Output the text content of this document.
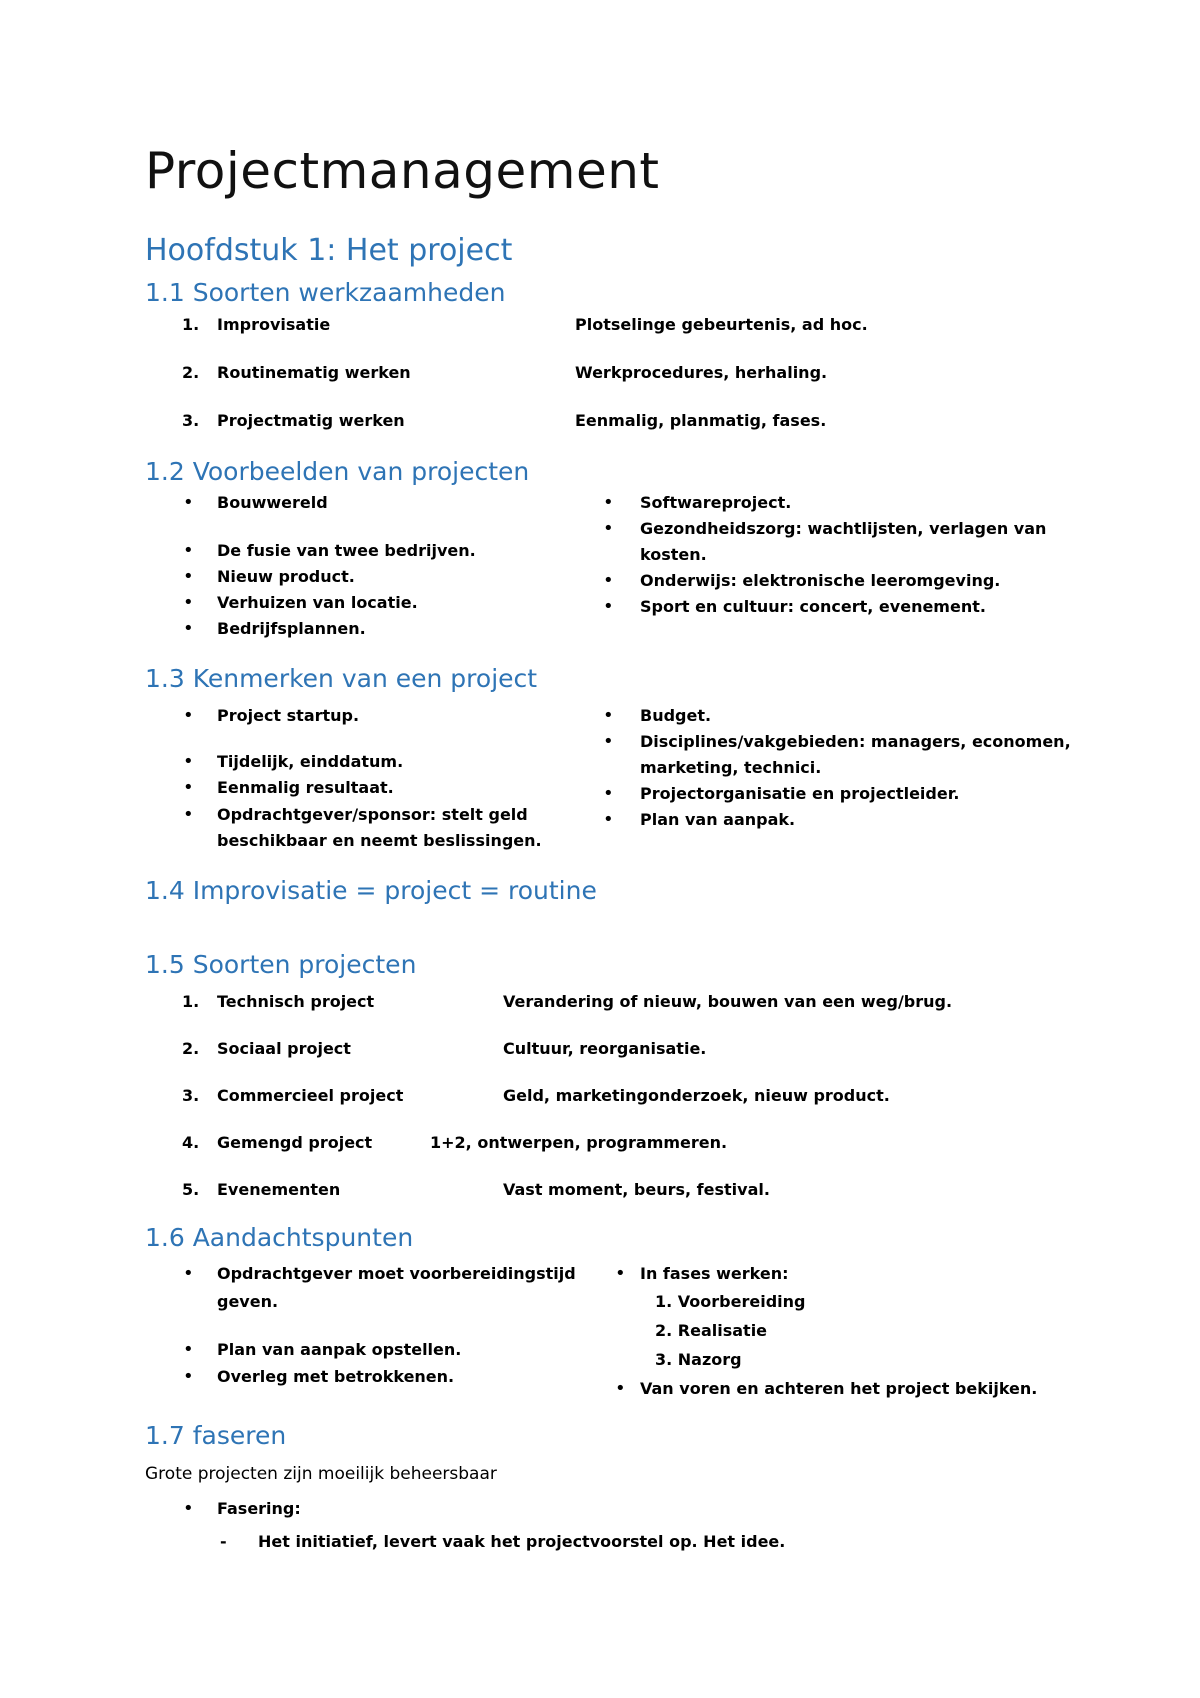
Projectmanagement
Hoofdstuk 1: Het project
1.1 Soorten werkzaamheden
1. Improvisatie	Plotselinge gebeurtenis, ad hoc.
2. Routinematig werken	Werkprocedures, herhaling.
3. Projectmatig werken	Eenmalig, planmatig, fases.
1.2 Voorbeelden van projecten
• Bouwwereld
• De fusie van twee bedrijven.
• Nieuw product.
• Verhuizen van locatie.
• Bedrijfsplannen.
• Softwareproject.
• Gezondheidszorg: wachtlijsten, verlagen van
kosten.
• Onderwijs: elektronische leeromgeving.
• Sport en cultuur: concert, evenement.
1.3 Kenmerken van een project
• Project startup.
• Tijdelijk, einddatum.
• Eenmalig resultaat.
• Opdrachtgever/sponsor: stelt geld
beschikbaar en neemt beslissingen.
• Budget.
• Disciplines/vakgebieden: managers, economen,
marketing, technici.
• Projectorganisatie en projectleider.
• Plan van aanpak.
1.4 Improvisatie = project = routine
1.5 Soorten projecten
1. Technisch project	Verandering of nieuw, bouwen van een weg/brug.
2. Sociaal project	Cultuur, reorganisatie.
3. Commercieel project	Geld, marketingonderzoek, nieuw product.
4. Gemengd project	1+2, ontwerpen, programmeren.
5. Evenementen	Vast moment, beurs, festival.
1.6 Aandachtspunten
• Opdrachtgever moet voorbereidingstijd
geven.
• Plan van aanpak opstellen.
• Overleg met betrokkenen.
• In fases werken:
1. Voorbereiding
2. Realisatie
3. Nazorg
• Van voren en achteren het project bekijken.
1.7 faseren
Grote projecten zijn moeilijk beheersbaar
• Fasering:
- Het initiatief, levert vaak het projectvoorstel op. Het idee.
